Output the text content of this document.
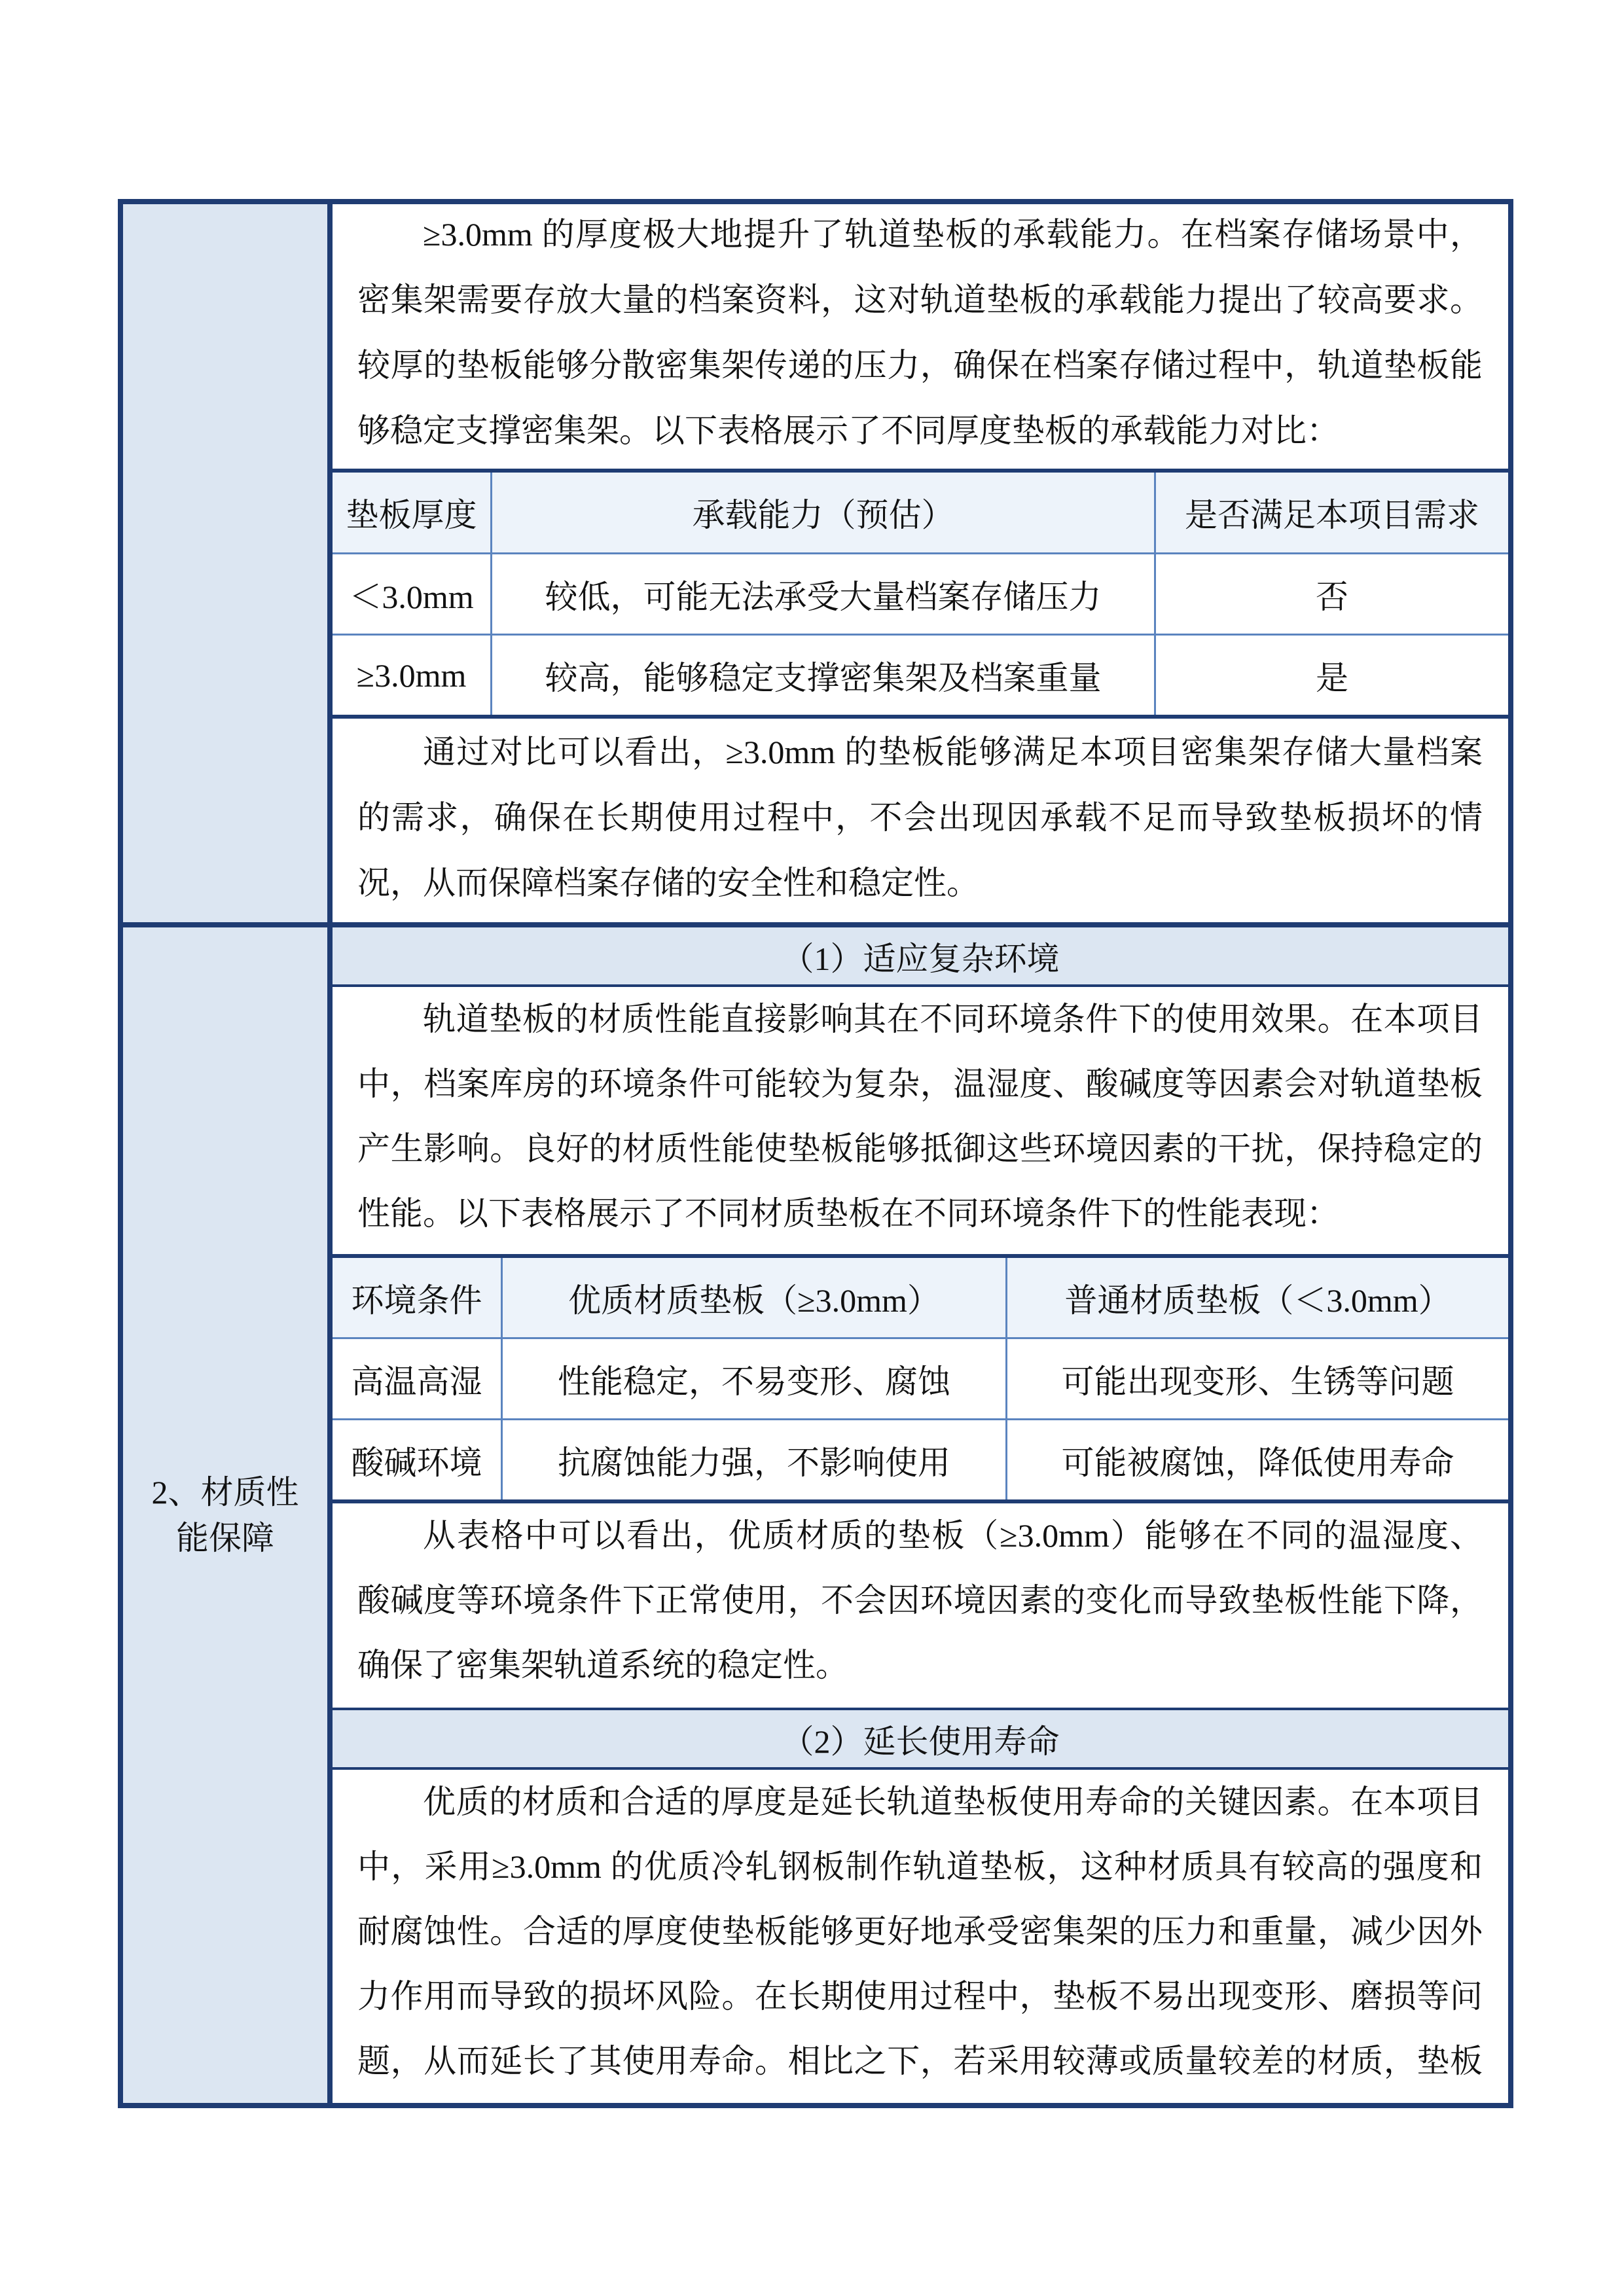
2、材质性
能保障
≥3.0mm 的厚度极大地提升了轨道垫板的承载能力。在档案存储场景中，
密集架需要存放大量的档案资料，这对轨道垫板的承载能力提出了较高要求。
较厚的垫板能够分散密集架传递的压力，确保在档案存储过程中，轨道垫板能
够稳定支撑密集架。以下表格展示了不同厚度垫板的承载能力对比：
垫板厚度	承载能力（预估）	是否满足本项目需求
＜3.0mm	较低，可能无法承受大量档案存储压力	否
≥3.0mm	较高，能够稳定支撑密集架及档案重量	是
通过对比可以看出，≥3.0mm 的垫板能够满足本项目密集架存储大量档案
的需求，确保在长期使用过程中，不会出现因承载不足而导致垫板损坏的情
况，从而保障档案存储的安全性和稳定性。
（1）适应复杂环境
轨道垫板的材质性能直接影响其在不同环境条件下的使用效果。在本项目
中，档案库房的环境条件可能较为复杂，温湿度、酸碱度等因素会对轨道垫板
产生影响。良好的材质性能使垫板能够抵御这些环境因素的干扰，保持稳定的
性能。以下表格展示了不同材质垫板在不同环境条件下的性能表现：
环境条件	优质材质垫板（≥3.0mm）	普通材质垫板（＜3.0mm）
高温高湿	性能稳定，不易变形、腐蚀	可能出现变形、生锈等问题
酸碱环境	抗腐蚀能力强，不影响使用	可能被腐蚀，降低使用寿命
从表格中可以看出，优质材质的垫板（≥3.0mm）能够在不同的温湿度、
酸碱度等环境条件下正常使用，不会因环境因素的变化而导致垫板性能下降，
确保了密集架轨道系统的稳定性。
（2）延长使用寿命
优质的材质和合适的厚度是延长轨道垫板使用寿命的关键因素。在本项目
中，采用≥3.0mm 的优质冷轧钢板制作轨道垫板，这种材质具有较高的强度和
耐腐蚀性。合适的厚度使垫板能够更好地承受密集架的压力和重量，减少因外
力作用而导致的损坏风险。在长期使用过程中，垫板不易出现变形、磨损等问
题，从而延长了其使用寿命。相比之下，若采用较薄或质量较差的材质，垫板
